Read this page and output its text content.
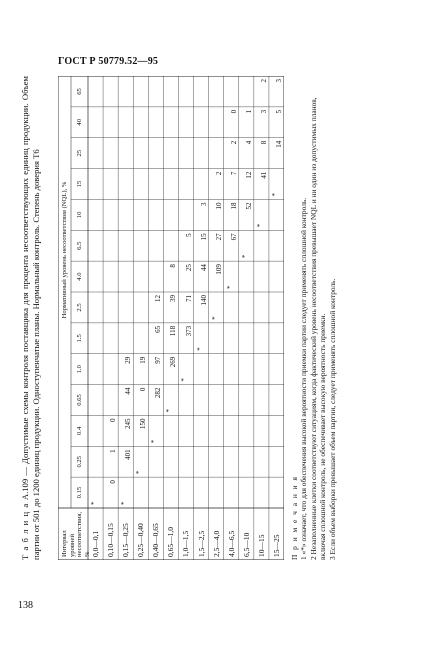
ГОСТ Р 50779.52—95
138
Т а б л и ц а А.109 — Допустимые схемы контроля поставщика для процента несоответствующих единиц продукции. Объем партии от 501 до 1200 единиц продукции. Одноступенчатые планы. Нормальный контроль. Степень доверия Т6	Интервал уровней несоответствия, %
Нормативный уровень несоответствия (NQL), %
0.15
0.25
0.4
0.65
1.0
1.5
2.5
4.0
6.5
10
15
25
40
65
0,0—0,1 0,10—0,15 0,15—0,25 0,25—0,40 0,40—0,65 0,65—1,0 1,0—1,5 1,5—2,5 2,5—4,0 4,0—6,5 6,5—10 10—15 15—25
*
0
1
0
*
401
245
44
29
*
150
0
19
*
282
97
65
12
*
269
118
39
8
*
373
71
25
5
*
140
44
15
3
*
109
27
10
2
*
67
18
7
2
0
*
52
12
4
1
*
41
8
3
2
*
14
5
3
П р и м е ч а н и я 1 «*» означает, что для обеспечения высокой вероятности приемки партии следует применять сплошной контроль. 2 Незаполненные клетки соответствуют ситуациям, когда фактический уровень несоответствия превышает NQL и ни один из допустимых планов, включая сплошной контроль, не обеспечивает высокую вероятность приемки. 3 Если объем выборки превышает объем партии, следует применять сплошной контроль.
